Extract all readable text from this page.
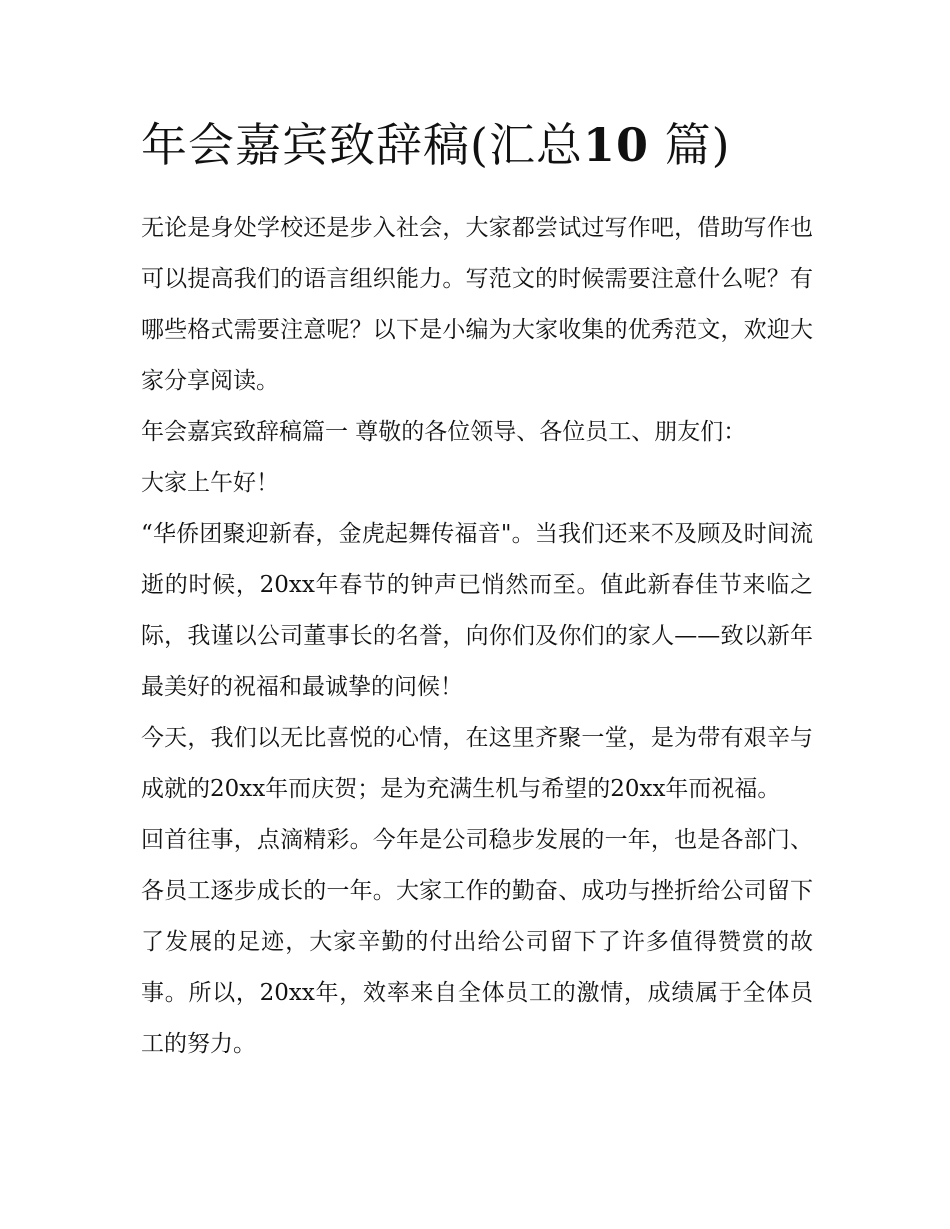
年会嘉宾致辞稿(汇总10 篇)

无论是身处学校还是步入社会，大家都尝试过写作吧，借助写作也可以提高我们的语言组织能力。写范文的时候需要注意什么呢？有哪些格式需要注意呢？以下是小编为大家收集的优秀范文，欢迎大家分享阅读。

年会嘉宾致辞稿篇一 尊敬的各位领导、各位员工、朋友们：

大家上午好！

“华侨团聚迎新春，金虎起舞传福音"。当我们还来不及顾及时间流逝的时候，20xx年春节的钟声已悄然而至。值此新春佳节来临之际，我谨以公司董事长的名誉，向你们及你们的家人——致以新年最美好的祝福和最诚挚的问候！

今天，我们以无比喜悦的心情，在这里齐聚一堂，是为带有艰辛与成就的20xx年而庆贺；是为充满生机与希望的20xx年而祝福。

回首往事，点滴精彩。今年是公司稳步发展的一年，也是各部门、各员工逐步成长的一年。大家工作的勤奋、成功与挫折给公司留下了发展的足迹，大家辛勤的付出给公司留下了许多值得赞赏的故事。所以，20xx年，效率来自全体员工的激情，成绩属于全体员工的努力。
